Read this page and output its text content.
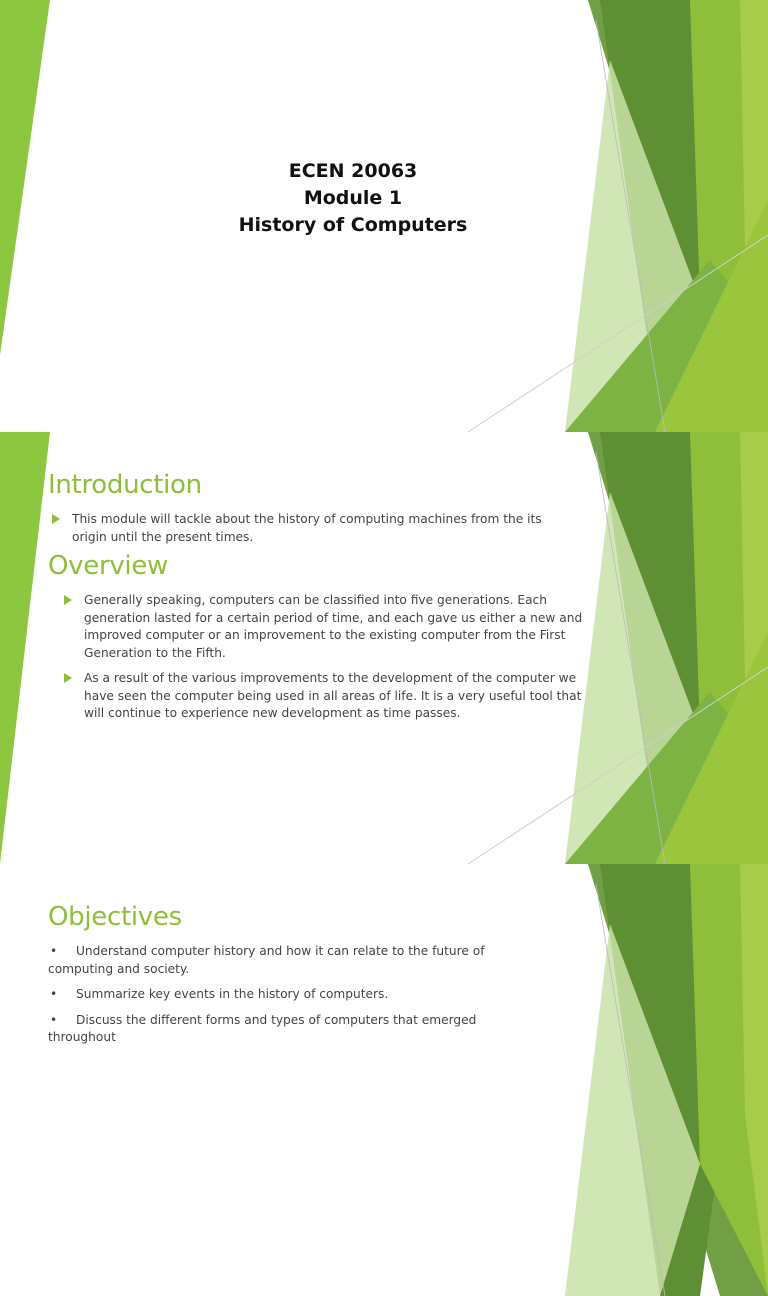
ECEN 20063
Module 1
History of Computers
Introduction
This module will tackle about the history of computing machines from the its origin until the present times.
Overview
Generally speaking, computers can be classified into five generations. Each generation lasted for a certain period of time, and each gave us either a new and improved computer or an improvement to the existing computer from the First Generation to the Fifth.
As a result of the various improvements to the development of the computer we have seen the computer being used in all areas of life. It is a very useful tool that will continue to experience new development as time passes.
Objectives
• Understand computer history and how it can relate to the future of computing and society.
• Summarize key events in the history of computers.
• Discuss the different forms and types of computers that emerged throughout
